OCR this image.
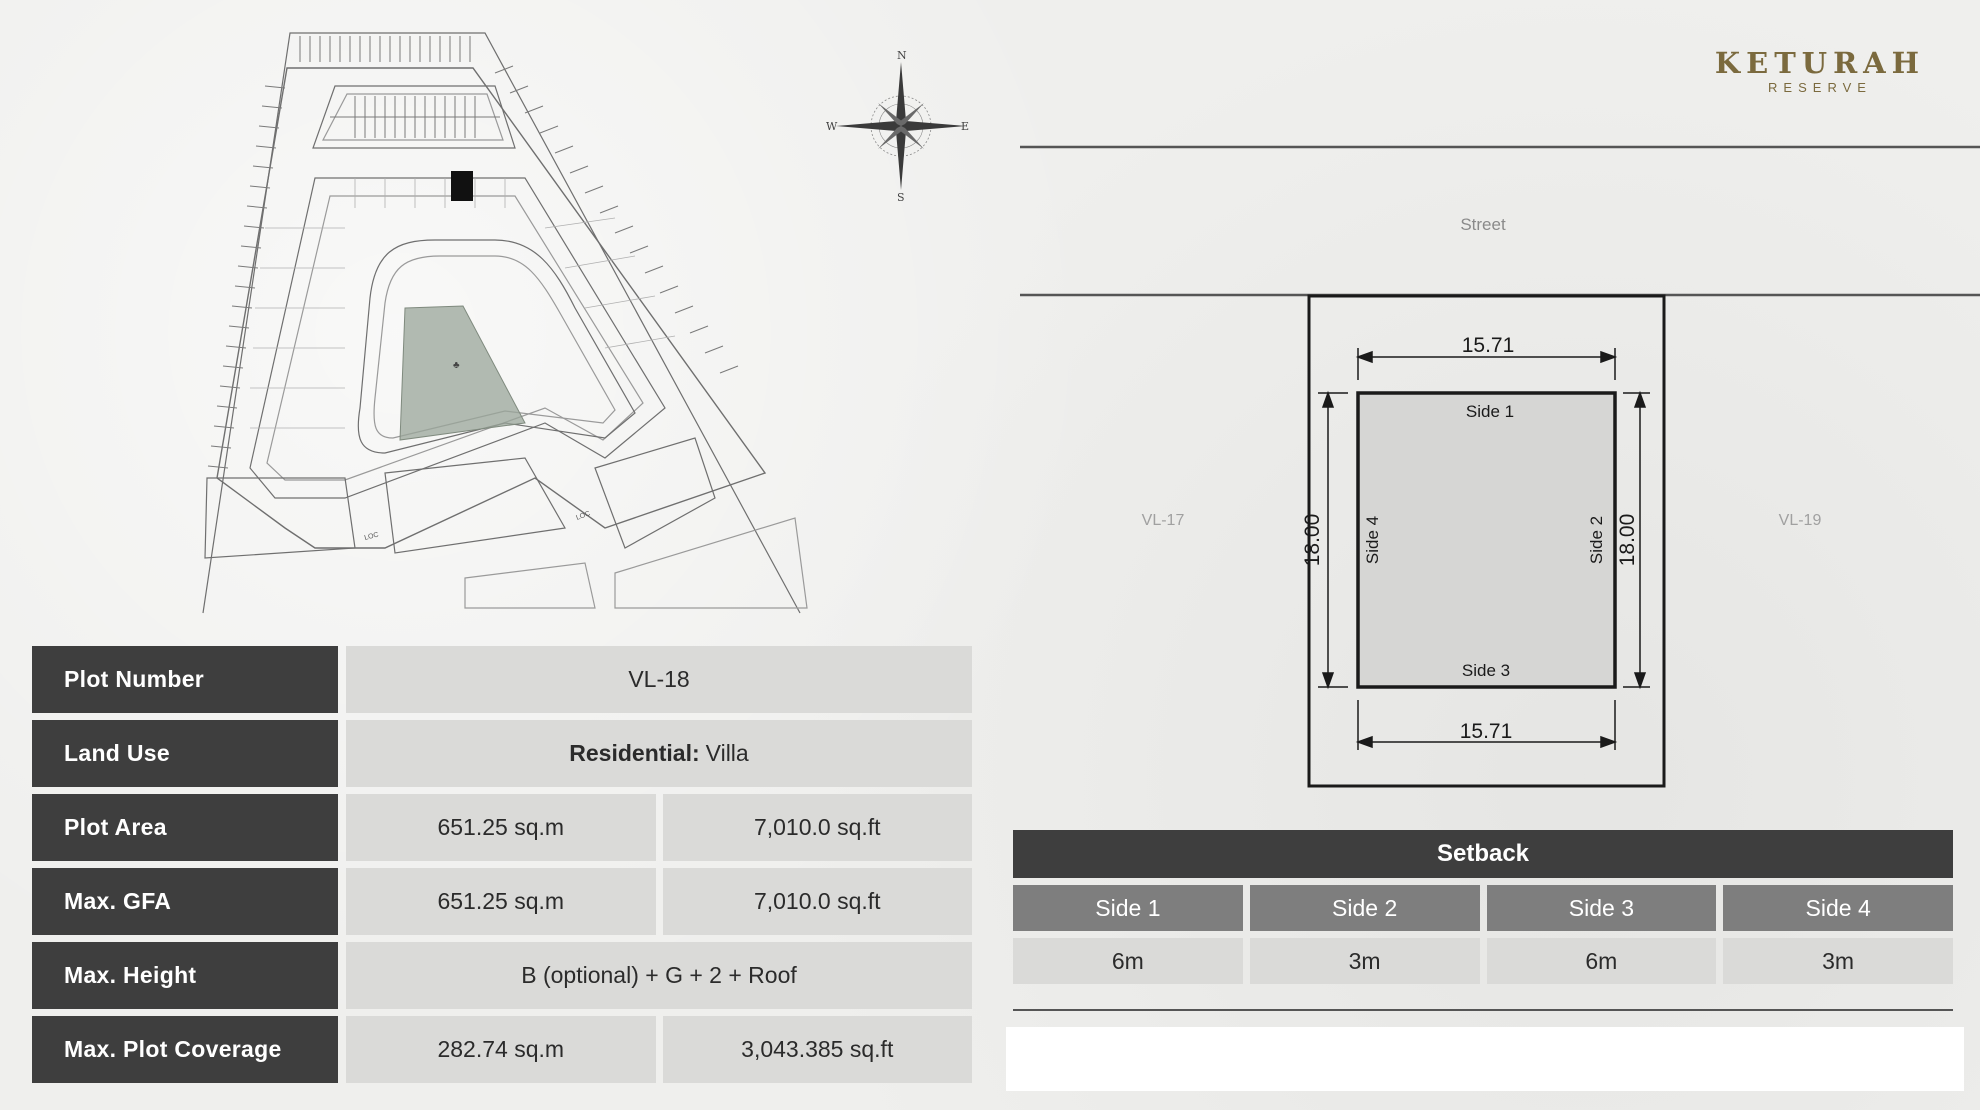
♣
LOC
LOC
N
S
W	E
KETURAH
RESERVE
Street
VL-17	VL-19
15.71
15.71
18.00	18.00
Side 1
Side 3
Side 4	Side 2
Plot Number	VL-18
Land Use	Residential: Villa
Plot Area	651.25 sq.m	7,010.0 sq.ft
Max. GFA	651.25 sq.m	7,010.0 sq.ft
Max. Height	B (optional) + G + 2 + Roof
Max. Plot Coverage	282.74 sq.m	3,043.385 sq.ft
Setback
Side 1	Side 2	Side 3	Side 4
6m	3m	6m	3m
